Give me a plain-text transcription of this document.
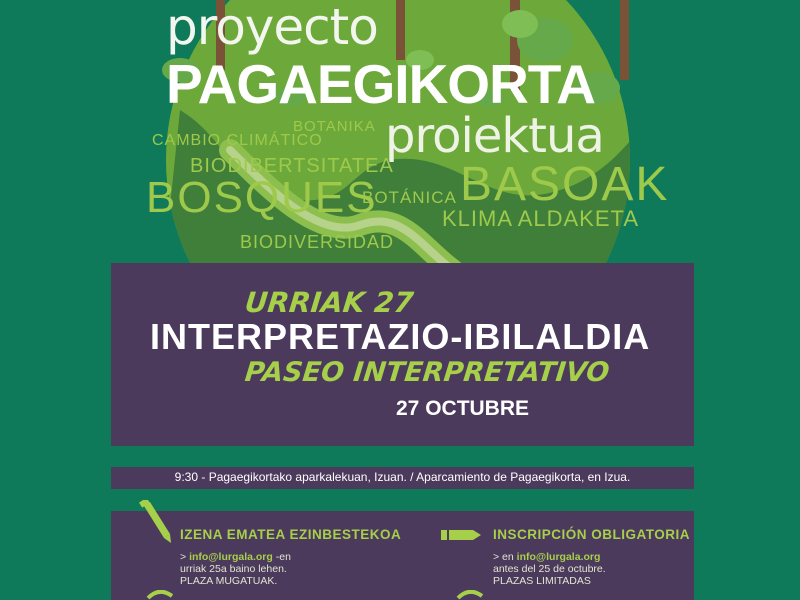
proyecto

PAGAEGIKORTA

proiektua

BOTANIKA

CAMBIO CLIMÁTICO

BIODIBERTSITATEA

BOSQUES BASOAK

BOTÁNICA

KLIMA ALDAKETA

BIODIVERSIDAD

URRIAK 27

INTERPRETAZIO-IBILALDIA

PASEO INTERPRETATIVO

27 OCTUBRE

9:30 - Pagaegikortako aparkalekuan, Izuan. / Aparcamiento de Pagaegikorta, en Izua.

IZENA EMATEA EZINBESTEKOA	INSCRIPCIÓN OBLIGATORIA

> info@lurgala.org -en

urriak 25a baino lehen.

PLAZA MUGATUAK.

> en info@lurgala.org

antes del 25 de octubre.

PLAZAS LIMITADAS
